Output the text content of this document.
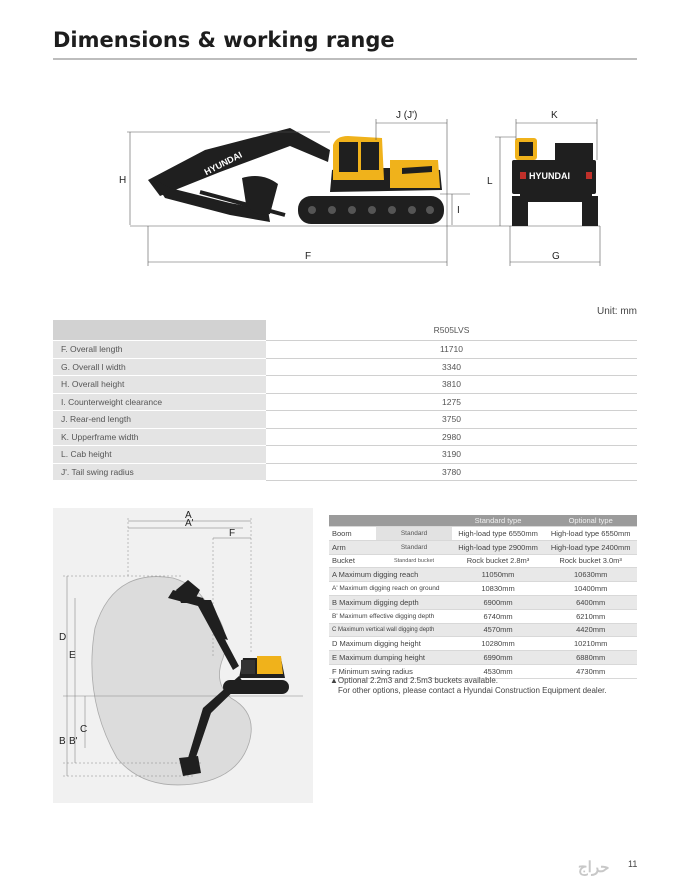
Dimensions & working range
HYUNDAI
H
F
J (J')
I
HYUNDAI
K
L
G
Unit: mm
	R505LVS
F. Overall length	11710
G. Overall l width	3340
H. Overall height	3810
I. Counterweight clearance	1275
J. Rear-end length	3750
K. Upperframe width	2980
L. Cab height	3190
J'. Tail swing radius	3780
A
A'
F
D
E
B B'
C
		Standard type	Optional type
Boom	Standard	High-load type 6550mm	High-load type 6550mm
Arm	Standard	High-load type 2900mm	High-load type 2400mm
Bucket	Standard bucket	Rock bucket 2.8m³	Rock bucket 3.0m³
A Maximum digging reach		11050mm	10630mm
A' Maximum digging reach on ground		10830mm	10400mm
B Maximum digging depth		6900mm	6400mm
B' Maximum effective digging depth		6740mm	6210mm
C Maximum vertical wall digging depth		4570mm	4420mm
D Maximum digging height		10280mm	10210mm
E Maximum dumping height		6990mm	6880mm
F Minimum swing radius		4530mm	4730mm
▲Optional 2.2m3 and 2.5m3 buckets available.
For other options, please contact a Hyundai Construction Equipment dealer.
حراج 11
